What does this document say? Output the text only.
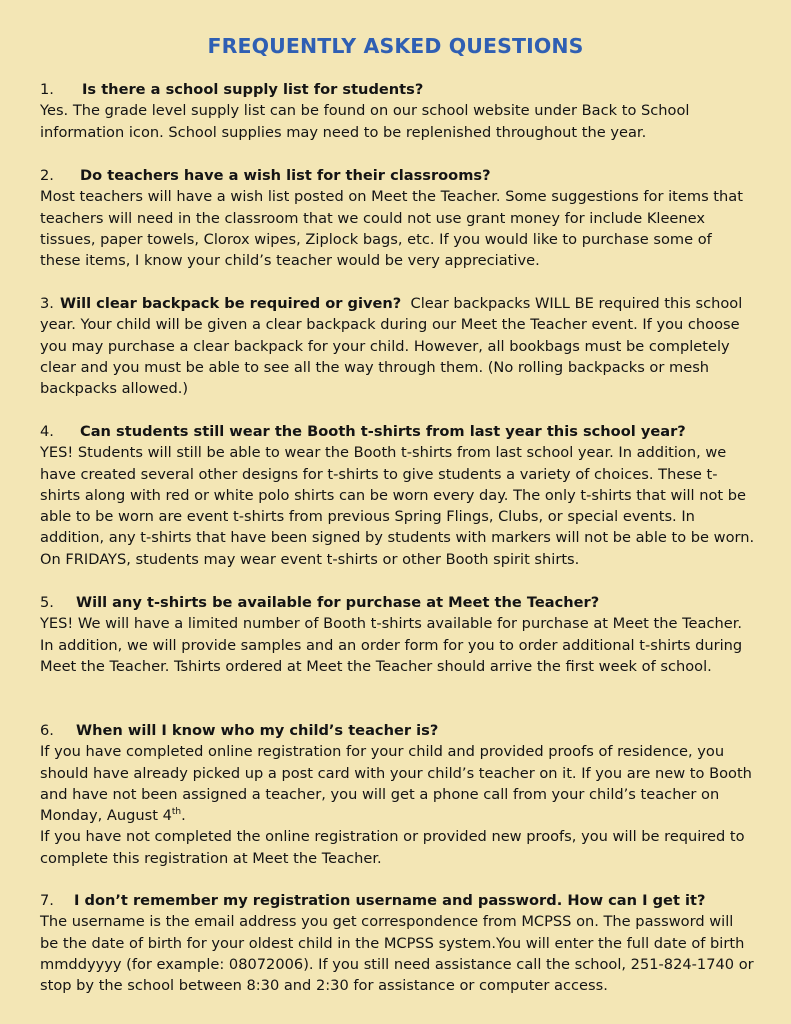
FREQUENTLY ASKED QUESTIONS
1. Is there a school supply list for students?

Yes. The grade level supply list can be found on our school website under Back to School information icon. School supplies may need to be replenished throughout the year.

2. Do teachers have a wish list for their classrooms?

Most teachers will have a wish list posted on Meet the Teacher. Some suggestions for items that teachers will need in the classroom that we could not use grant money for include Kleenex tissues, paper towels, Clorox wipes, Ziplock bags, etc. If you would like to purchase some of these items, I know your child’s teacher would be very appreciative.

3. Will clear backpack be required or given? Clear backpacks WILL BE required this school year. Your child will be given a clear backpack during our Meet the Teacher event. If you choose you may purchase a clear backpack for your child. However, all bookbags must be completely clear and you must be able to see all the way through them. (No rolling backpacks or mesh backpacks allowed.)

4. Can students still wear the Booth t-shirts from last year this school year?

YES! Students will still be able to wear the Booth t-shirts from last school year. In addition, we have created several other designs for t-shirts to give students a variety of choices. These t-shirts along with red or white polo shirts can be worn every day. The only t-shirts that will not be able to be worn are event t-shirts from previous Spring Flings, Clubs, or special events. In addition, any t-shirts that have been signed by students with markers will not be able to be worn. On FRIDAYS, students may wear event t-shirts or other Booth spirit shirts.

5. Will any t-shirts be available for purchase at Meet the Teacher?

YES! We will have a limited number of Booth t-shirts available for purchase at Meet the Teacher. In addition, we will provide samples and an order form for you to order additional t-shirts during Meet the Teacher. Tshirts ordered at Meet the Teacher should arrive the first week of school.

6. When will I know who my child’s teacher is?

If you have completed online registration for your child and provided proofs of residence, you should have already picked up a post card with your child’s teacher on it. If you are new to Booth and have not been assigned a teacher, you will get a phone call from your child’s teacher on Monday, August 4th.

If you have not completed the online registration or provided new proofs, you will be required to complete this registration at Meet the Teacher.

7. I don’t remember my registration username and password. How can I get it?

The username is the email address you get correspondence from MCPSS on. The password will be the date of birth for your oldest child in the MCPSS system.You will enter the full date of birth mmddyyyy (for example: 08072006). If you still need assistance call the school, 251-824-1740 or stop by the school between 8:30 and 2:30 for assistance or computer access.
